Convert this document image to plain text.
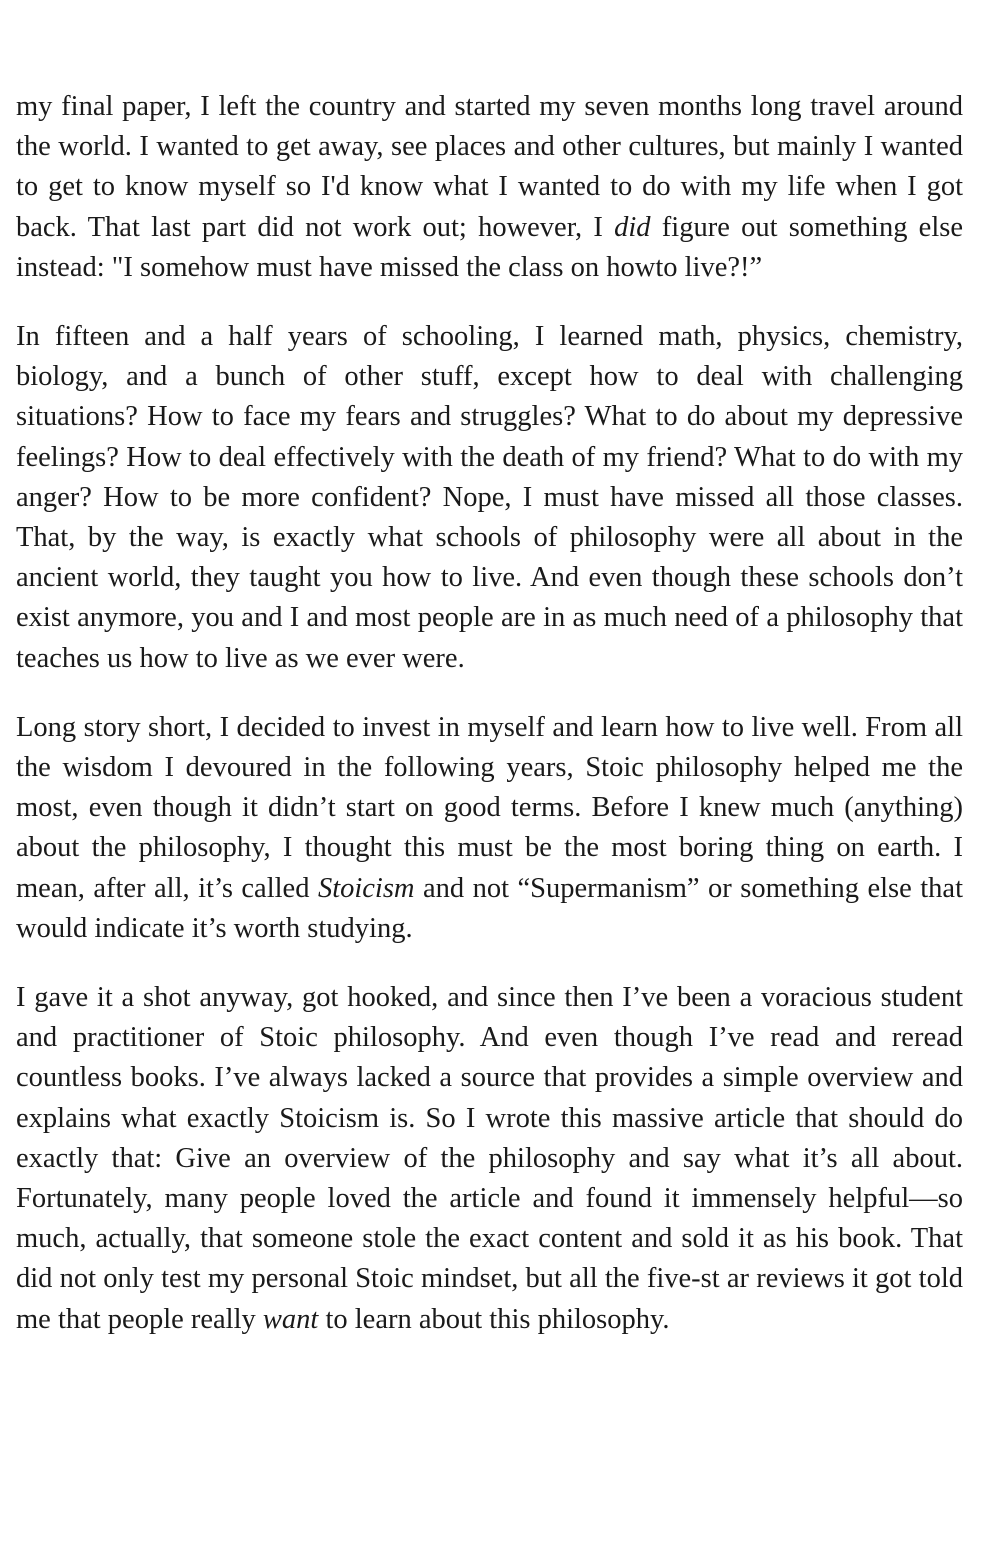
my final paper, I left the country and started my seven months long travel around the world. I wanted to get away, see places and other cultures, but mainly I wanted to get to know myself so I'd know what I wanted to do with my life when I got back. That last part did not work out; however, I did figure out something else instead: "I somehow must have missed the class on howto live?!”

In fifteen and a half years of schooling, I learned math, physics, chemistry, biology, and a bunch of other stuff, except how to deal with challenging situations? How to face my fears and struggles? What to do about my depressive feelings? How to deal effectively with the death of my friend? What to do with my anger? How to be more confident? Nope, I must have missed all those classes. That, by the way, is exactly what schools of philosophy were all about in the ancient world, they taught you how to live. And even though these schools don’t exist anymore, you and I and most people are in as much need of a philosophy that teaches us how to live as we ever were.

Long story short, I decided to invest in myself and learn how to live well. From all the wisdom I devoured in the following years, Stoic philosophy helped me the most, even though it didn’t start on good terms. Before I knew much (anything) about the philosophy, I thought this must be the most boring thing on earth. I mean, after all, it’s called Stoicism and not “Supermanism” or something else that would indicate it’s worth studying.

I gave it a shot anyway, got hooked, and since then I’ve been a voracious student and practitioner of Stoic philosophy. And even though I’ve read and reread countless books. I’ve always lacked a source that provides a simple overview and explains what exactly Stoicism is. So I wrote this massive article that should do exactly that: Give an overview of the philosophy and say what it’s all about. Fortunately, many people loved the article and found it immensely helpful—so much, actually, that someone stole the exact content and sold it as his book. That did not only test my personal Stoic mindset, but all the five-st ar reviews it got told me that people really want to learn about this philosophy.
